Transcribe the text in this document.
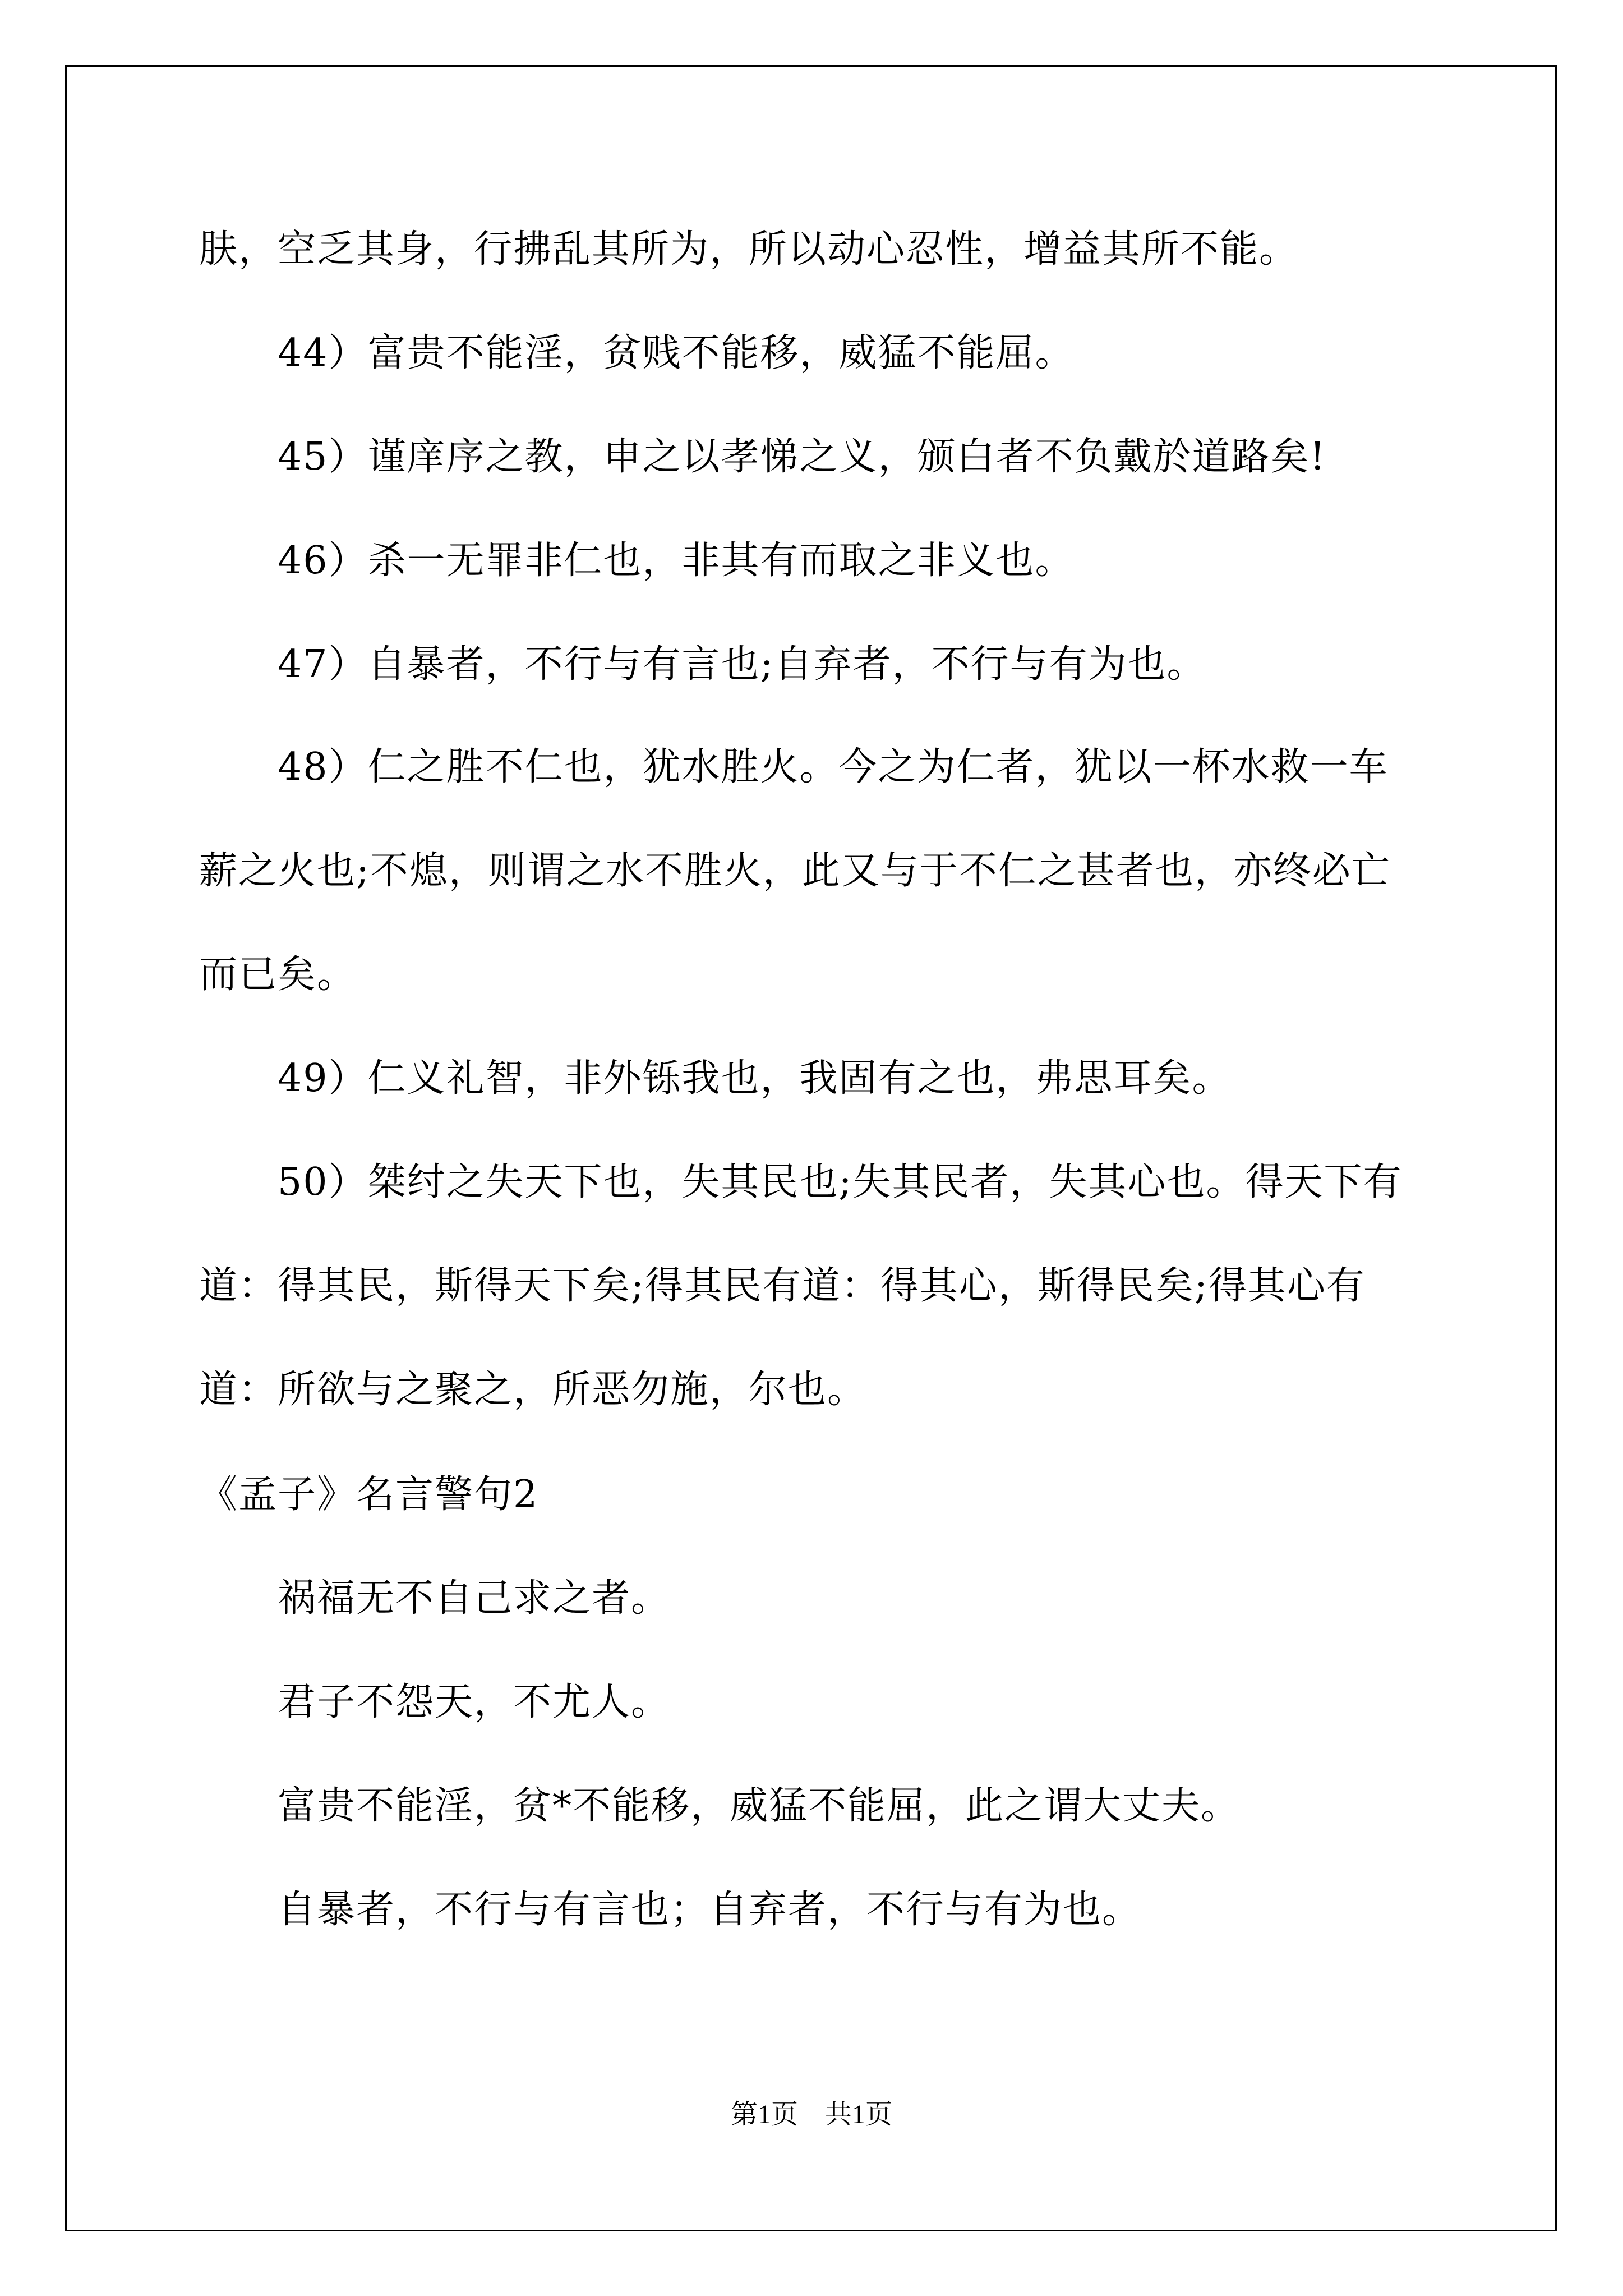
肤，空乏其身，行拂乱其所为，所以动心忍性，增益其所不能。
44）富贵不能淫，贫贱不能移，威猛不能屈。
45）谨庠序之教，申之以孝悌之义，颁白者不负戴於道路矣!
46）杀一无罪非仁也，非其有而取之非义也。
47）自暴者，不行与有言也;自弃者，不行与有为也。
48）仁之胜不仁也，犹水胜火。今之为仁者，犹以一杯水救一车
薪之火也;不熄，则谓之水不胜火，此又与于不仁之甚者也，亦终必亡
而已矣。
49）仁义礼智，非外铄我也，我固有之也，弗思耳矣。
50）桀纣之失天下也，失其民也;失其民者，失其心也。得天下有
道：得其民，斯得天下矣;得其民有道：得其心，斯得民矣;得其心有
道：所欲与之聚之，所恶勿施，尔也。
《孟子》名言警句2
祸福无不自己求之者。
君子不怨天，不尤人。
富贵不能淫，贫*不能移，威猛不能屈，此之谓大丈夫。
自暴者，不行与有言也；自弃者，不行与有为也。
第1页　共1页
